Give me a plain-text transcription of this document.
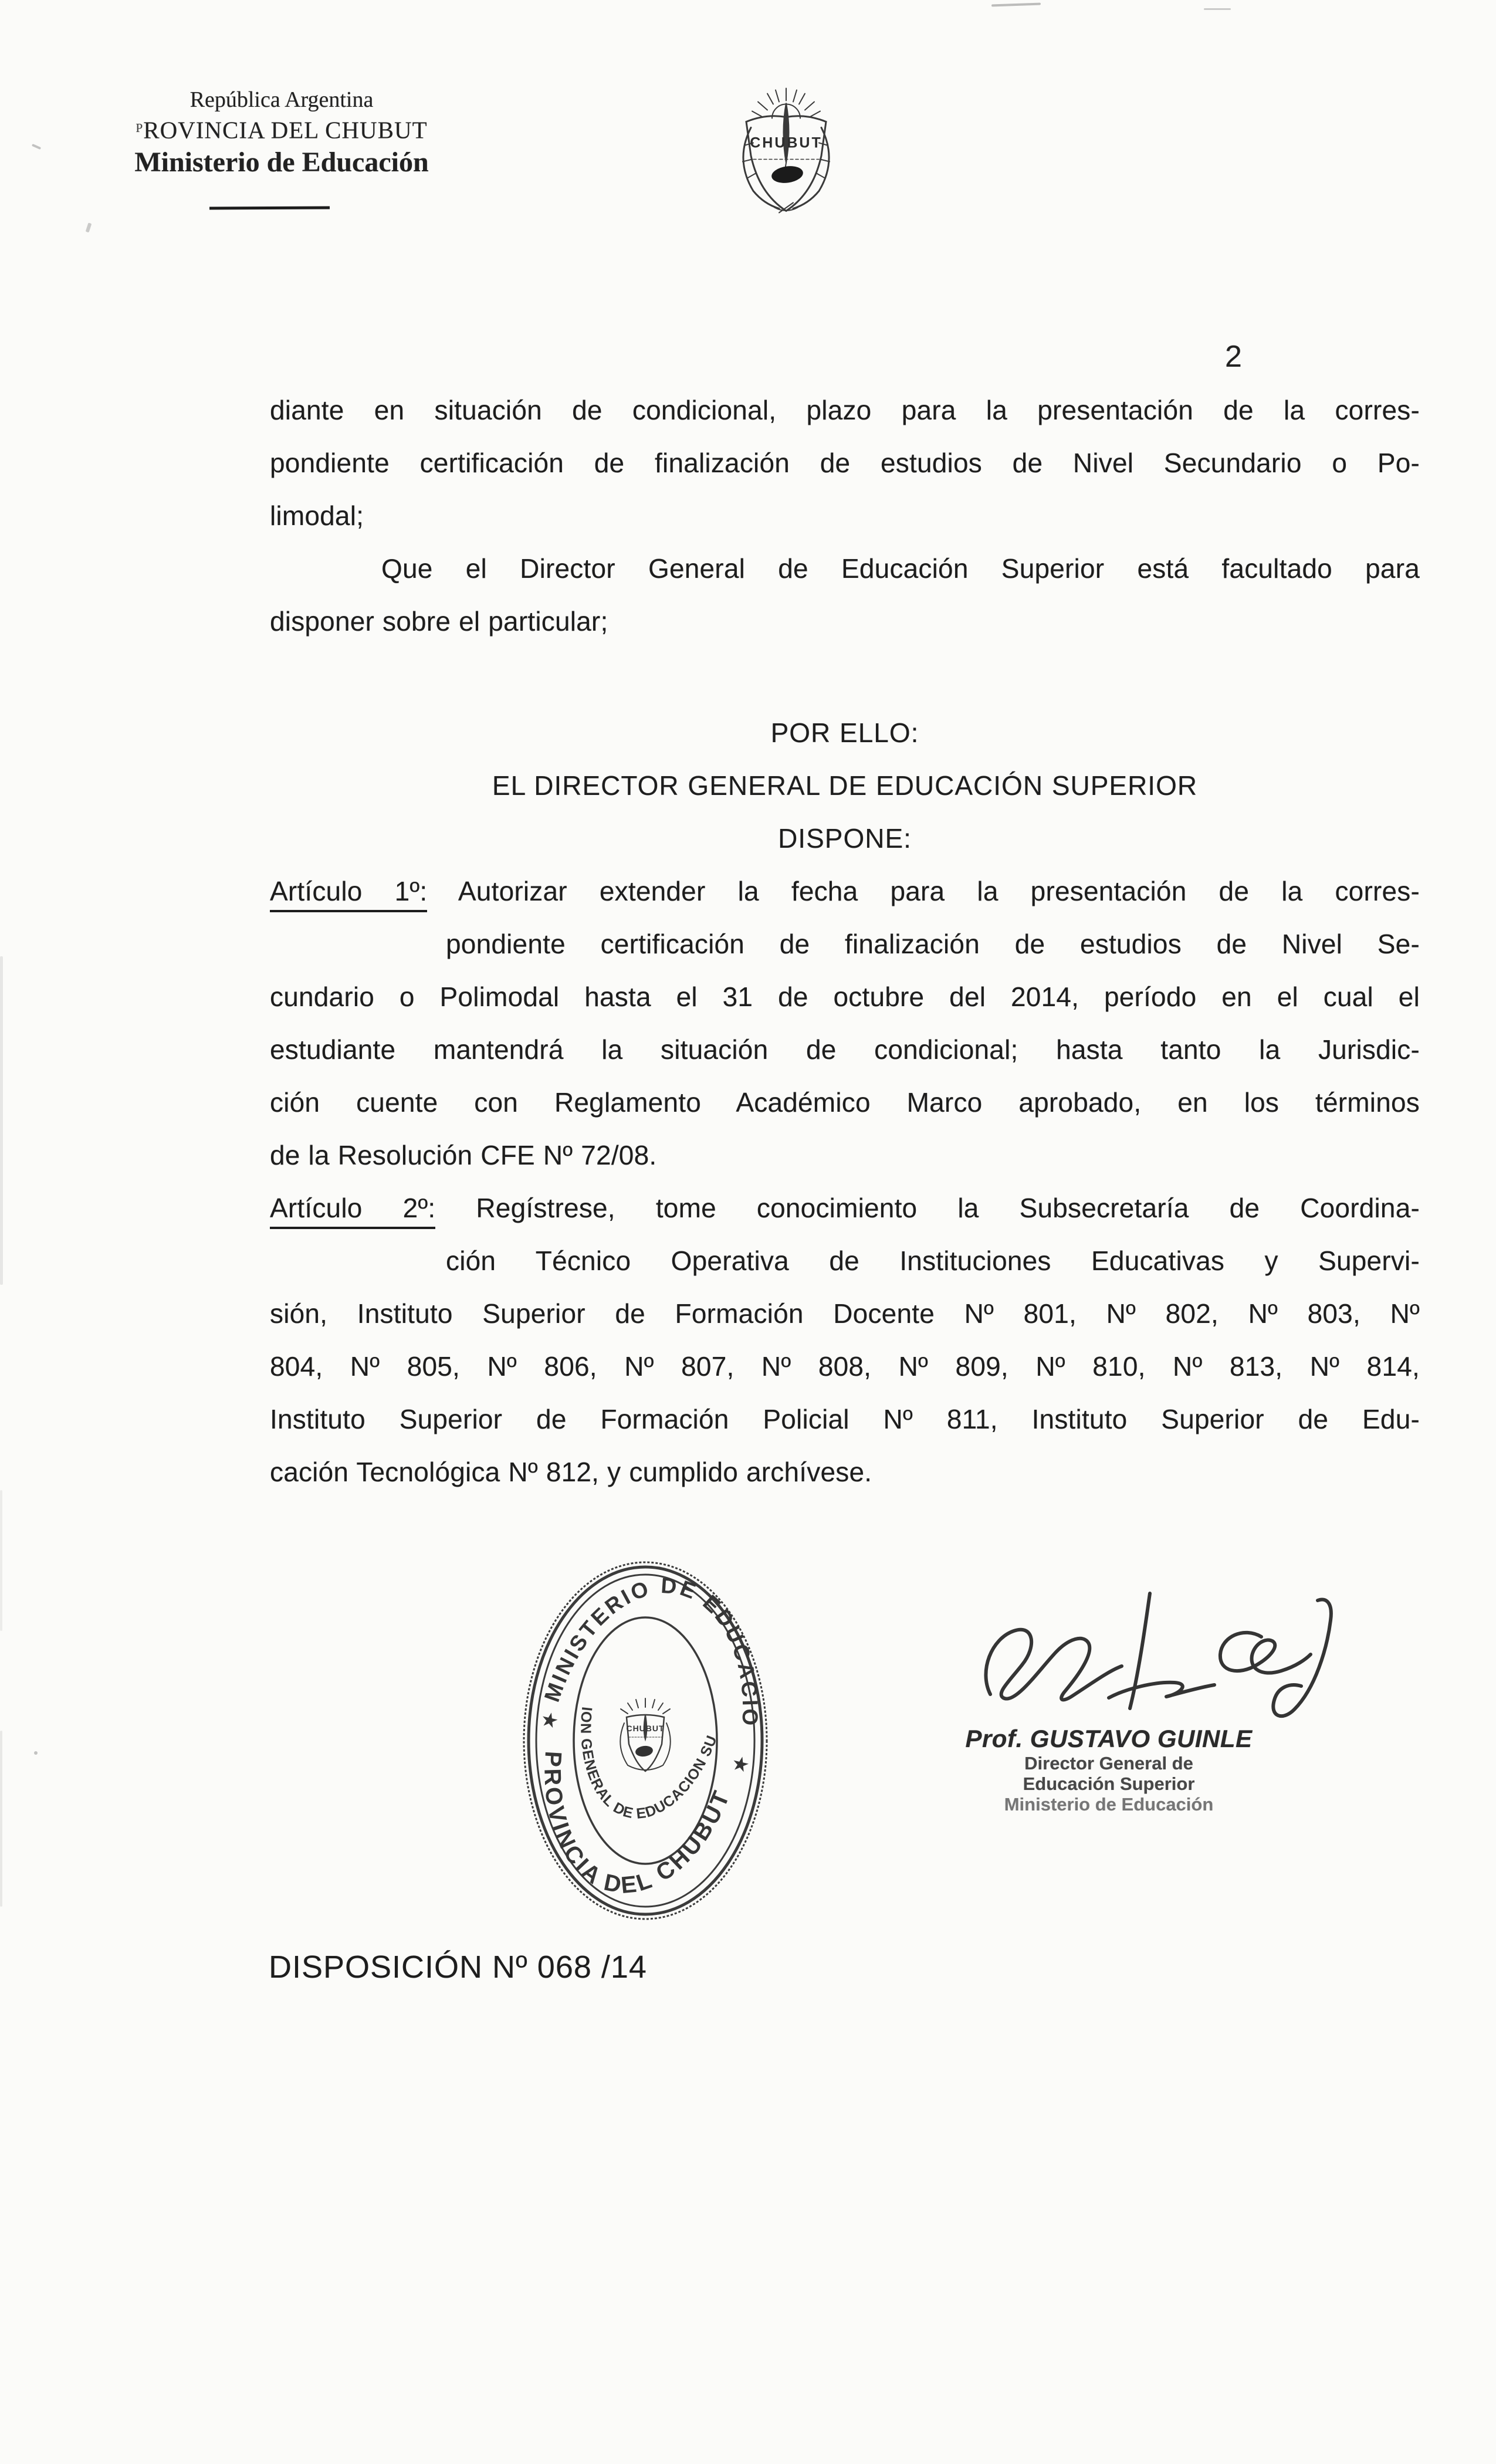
República Argentina
$^P$ROVINCIA DEL CHUBUT
Ministerio de Educación
CHUBUT
2
diante en situación de condicional, plazo para la presentación de la corres-
pondiente certificación de finalización de estudios de Nivel Secundario o Po-
limodal;
Que el Director General de Educación Superior está facultado para
disponer sobre el particular;
POR ELLO:
EL DIRECTOR GENERAL DE EDUCACIÓN SUPERIOR
DISPONE:
Artículo 1º: Autorizar extender la fecha para la presentación de la corres-
pondiente certificación de finalización de estudios de Nivel Se-
cundario o Polimodal hasta el 31 de octubre del 2014, período en el cual el
estudiante mantendrá la situación de condicional; hasta tanto la Jurisdic-
ción cuente con Reglamento Académico Marco aprobado, en los términos
de la Resolución CFE Nº 72/08.
Artículo 2º: Regístrese, tome conocimiento la Subsecretaría de Coordina-
ción Técnico Operativa de Instituciones Educativas y Supervi-
sión, Instituto Superior de Formación Docente Nº 801, Nº 802, Nº 803, Nº
804, Nº 805, Nº 806, Nº 807, Nº 808, Nº 809, Nº 810, Nº 813, Nº 814,
Instituto Superior de Formación Policial Nº 811, Instituto Superior de Edu-
cación Tecnológica Nº 812, y cumplido archívese.
MINISTERIO DE EDUCACION
PROVINCIA DEL CHUBUT
DIRECCION GENERAL DE EDUCACION SUPERIOR
★
★
CHUBUT	Prof. GUSTAVO GUINLE
Director General de
Educación Superior
Ministerio de Educación
DISPOSICIÓN Nº 068 /14
